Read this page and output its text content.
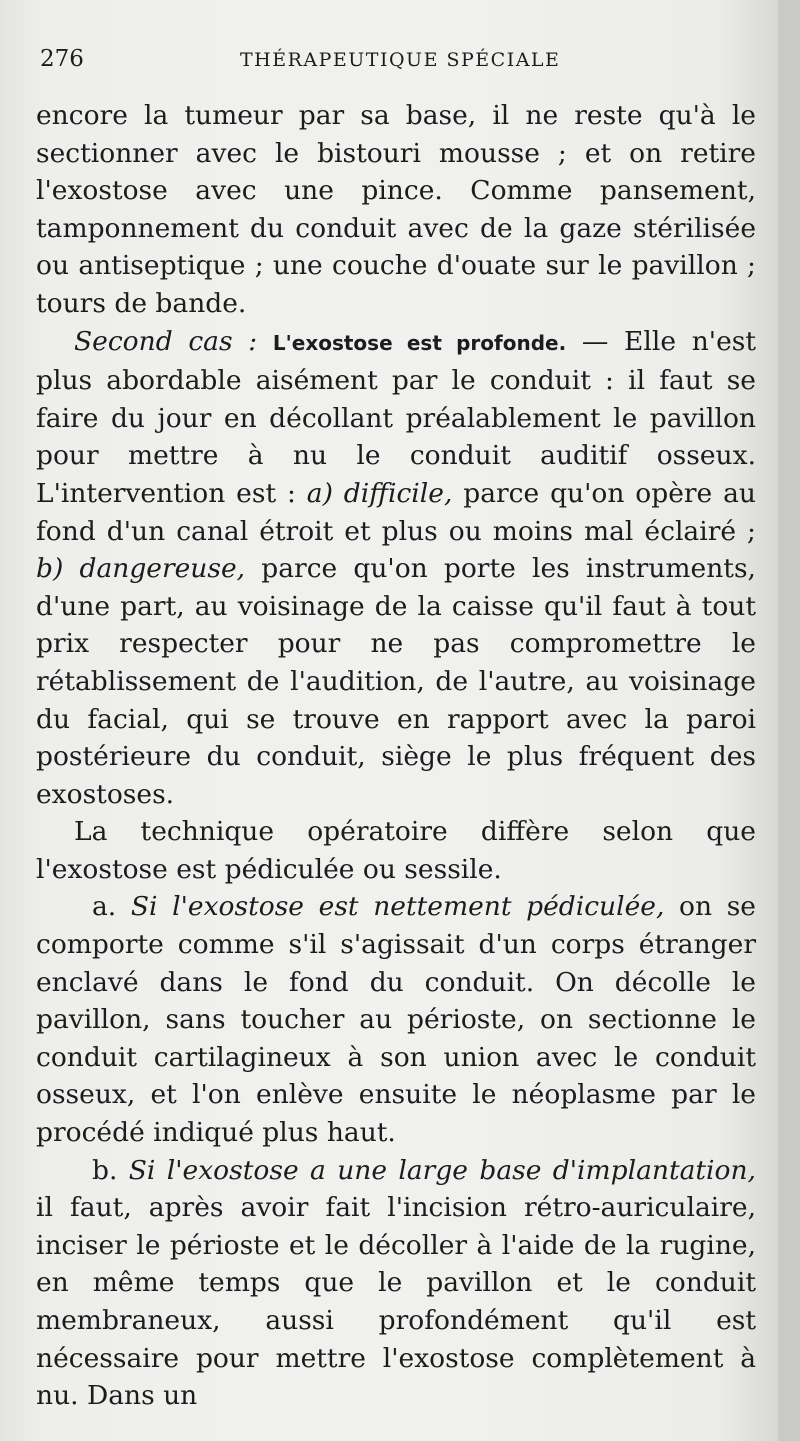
276	THÉRAPEUTIQUE SPÉCIALE

encore la tumeur par sa base, il ne reste qu'à le sectionner avec le bistouri mousse ; et on retire l'exostose avec une pince. Comme pansement, tamponnement du conduit avec de la gaze stérilisée ou antiseptique ; une couche d'ouate sur le pavillon ; tours de bande.

Second cas : L'exostose est profonde. — Elle n'est plus abordable aisément par le conduit : il faut se faire du jour en décollant préalablement le pavillon pour mettre à nu le conduit auditif osseux. L'intervention est : a) difficile, parce qu'on opère au fond d'un canal étroit et plus ou moins mal éclairé ; b) dangereuse, parce qu'on porte les instruments, d'une part, au voisinage de la caisse qu'il faut à tout prix respecter pour ne pas compromettre le rétablissement de l'audition, de l'autre, au voisinage du facial, qui se trouve en rapport avec la paroi postérieure du conduit, siège le plus fréquent des exostoses.

La technique opératoire diffère selon que l'exostose est pédiculée ou sessile.

a. Si l'exostose est nettement pédiculée, on se comporte comme s'il s'agissait d'un corps étranger enclavé dans le fond du conduit. On décolle le pavillon, sans toucher au périoste, on sectionne le conduit cartilagineux à son union avec le conduit osseux, et l'on enlève ensuite le néoplasme par le procédé indiqué plus haut.

b. Si l'exostose a une large base d'implantation, il faut, après avoir fait l'incision rétro-auriculaire, inciser le périoste et le décoller à l'aide de la rugine, en même temps que le pavillon et le conduit membraneux, aussi profondément qu'il est nécessaire pour mettre l'exostose complètement à nu. Dans un
